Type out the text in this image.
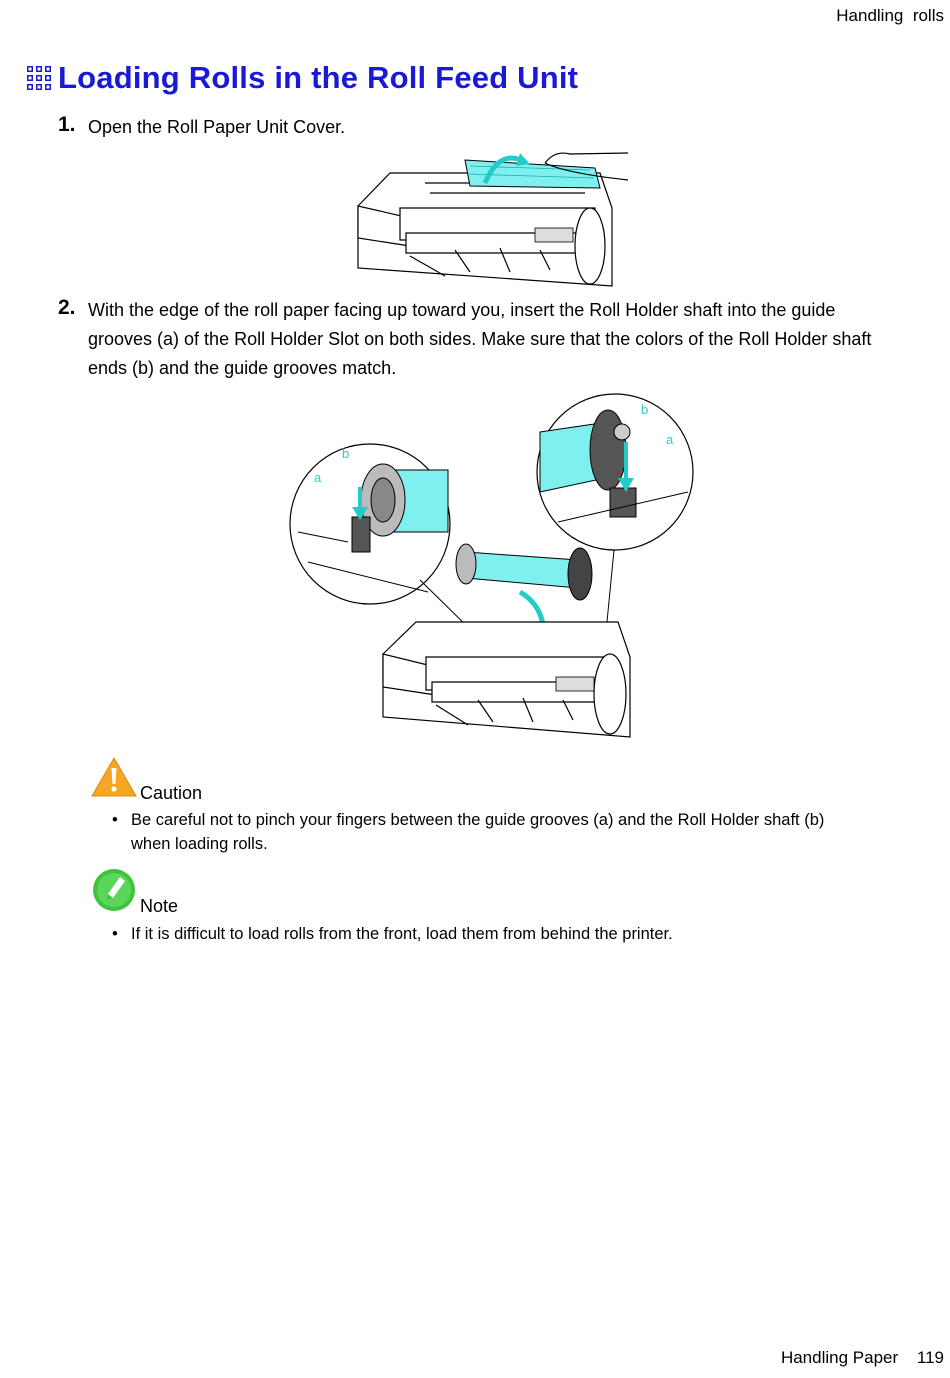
Handling  rolls
Loading Rolls in the Roll Feed Unit
1. Open the Roll Paper Unit Cover.
2. With the edge of the roll paper facing up toward you, insert the Roll Holder shaft into the guide grooves (a) of the Roll Holder Slot on both sides. Make sure that the colors of the Roll Holder shaft ends (b) and the guide grooves match.
b
a
b
a
Caution
• Be careful not to pinch your fingers between the guide grooves (a) and the Roll Holder shaft (b) when loading rolls.
Note
• If it is difficult to load rolls from the front, load them from behind the printer.
Handling Paper 119
